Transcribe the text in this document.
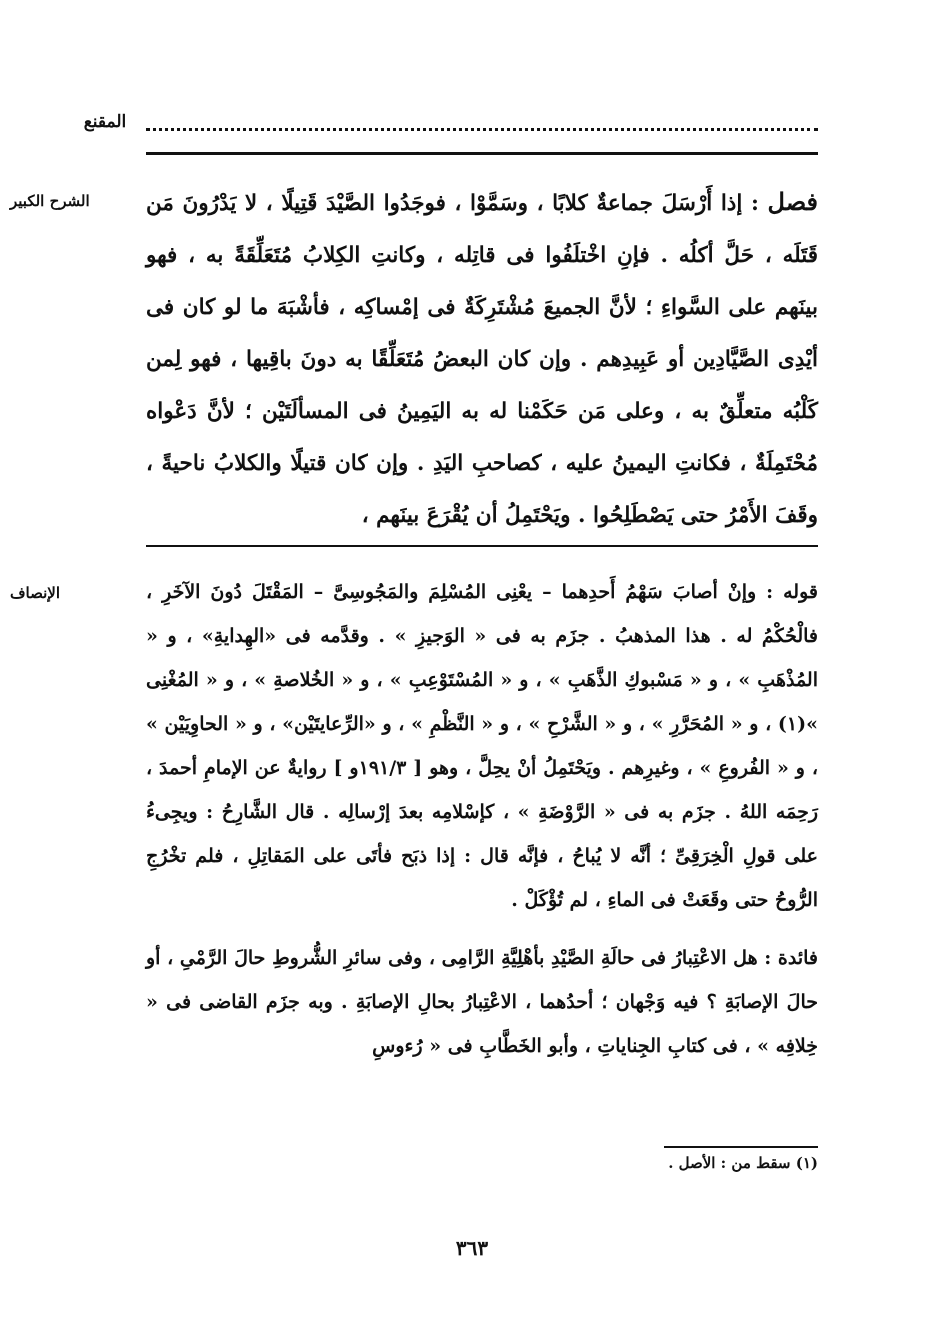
المقنع
الشرح الكبير	فصل : إذا أَرْسَلَ جماعةٌ كلابًا ، وسَمَّوْا ، فوجَدُوا الصَّيْدَ قَتِيلًا ، لا يَدْرُونَ مَن قَتَلَه ، حَلَّ أكلُه . فإنِ اخْتلَفُوا فى قاتِله ، وكانتِ الكِلابُ مُتَعَلِّقَةً به ، فهو بينَهم على السَّواءِ ؛ لأنَّ الجميعَ مُشْتَرِكَةٌ فى إمْساكِه ، فأشْبَهَ ما لو كان فى أيْدِى الصَّيَّادِين أو عَبِيدِهم . وإن كان البعضُ مُتَعَلِّقًا به دونَ باقِيها ، فهو لِمن كَلْبُه متعلِّقٌ به ، وعلى مَن حَكَمْنا له به اليَمِينُ فى المسألَتَيْن ؛ لأنَّ دَعْواه مُحْتَمِلَةٌ ، فكانتِ اليمينُ عليه ، كصاحبِ اليَدِ . وإن كان قتيلًا والكلابُ ناحيةً ، وقَفَ الأَمْرُ حتى يَصْطَلِحُوا . ويَحْتَمِلُ أن يُقْرَعَ بينَهم ،
الإنصاف	قوله : وإنْ أصابَ سَهْمُ أَحدِهما – يعْنِى المُسْلِمَ والمَجُوسِىَّ – المَقْتَلَ دُونَ الآخَرِ ، فالْحُكْمُ له . هذا المذهبُ . جزَم به فى « الوَجيزِ » . وقدَّمه فى «الهِدايةِ» ، و « المُذْهَبِ » ، و « مَسْبوكِ الذَّهَبِ » ، و « المُسْتَوْعِبِ » ، و « الخُلاصةِ » ، و « المُغْنِى »(١) ، و « المُحَرَّرِ » ، و « الشَّرْحِ » ، و « النَّظْمِ » ، و «الرِّعايتَيْن» ، و « الحاوِيَيْن » ، و « الفُروعِ » ، وغيرِهم . ويَحْتَمِلُ أنْ يحِلَّ ، وهو [ ١٩١/٣و ] روايةٌ عن الإمامِ أحمدَ ، رَحِمَه اللهُ . جزَم به فى « الرَّوْضَةِ » ، كإسْلامِه بعدَ إرْسالِه . قال الشَّارِحُ : ويجِىءُ على قولِ الْخِرَقِىِّ ؛ أنَّه لا يُباحُ ، فإنَّه قال : إذا ذبَح فأتَى على المَقاتِلِ ، فلم تخْرُجِ الرُّوحُ حتى وقَعَتْ فى الماءِ ، لم تُؤْكَلْ .

فائدة : هل الاعْتِبارُ فى حالَةِ الصَّيْدِ بأهْلِيَّةِ الرَّامِى ، وفى سائرِ الشُّروطِ حالَ الرَّمْىِ ، أو حالَ الإصابَةِ ؟ فيه وَجْهان ؛ أحدُهما ، الاعْتِبارُ بحالِ الإصابَةِ . وبه جزَم القاضى فى « خِلافِه » ، فى كتابِ الجِناياتِ ، وأبو الخَطَّابِ فى « رُءوسِ

(١) سقط من : الأصل .
٣٦٣
